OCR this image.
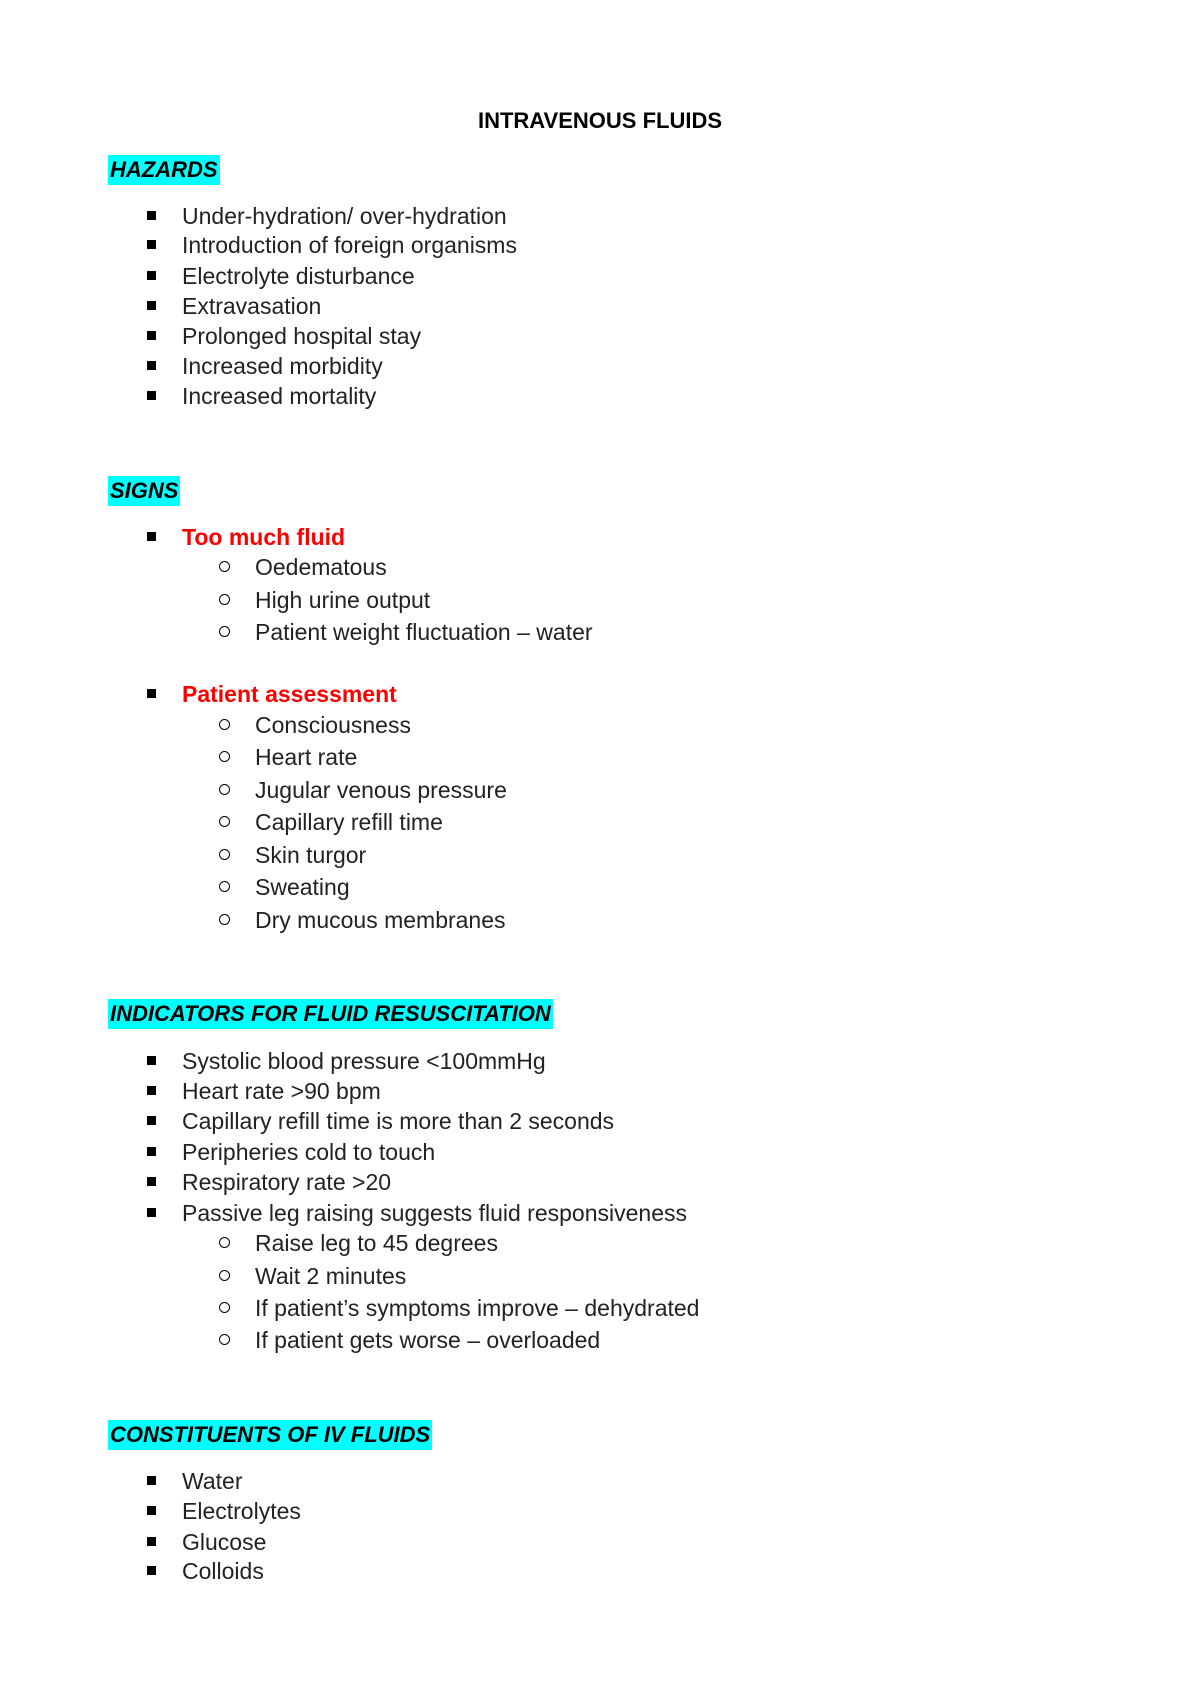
INTRAVENOUS FLUIDS
HAZARDS
Under-hydration/ over-hydration
Introduction of foreign organisms
Electrolyte disturbance
Extravasation
Prolonged hospital stay
Increased morbidity
Increased mortality
SIGNS
Too much fluid
Oedematous
High urine output
Patient weight fluctuation – water
Patient assessment
Consciousness
Heart rate
Jugular venous pressure
Capillary refill time
Skin turgor
Sweating
Dry mucous membranes
INDICATORS FOR FLUID RESUSCITATION
Systolic blood pressure <100mmHg
Heart rate >90 bpm
Capillary refill time is more than 2 seconds
Peripheries cold to touch
Respiratory rate >20
Passive leg raising suggests fluid responsiveness
Raise leg to 45 degrees
Wait 2 minutes
If patient’s symptoms improve – dehydrated
If patient gets worse – overloaded
CONSTITUENTS OF IV FLUIDS
Water
Electrolytes
Glucose
Colloids
